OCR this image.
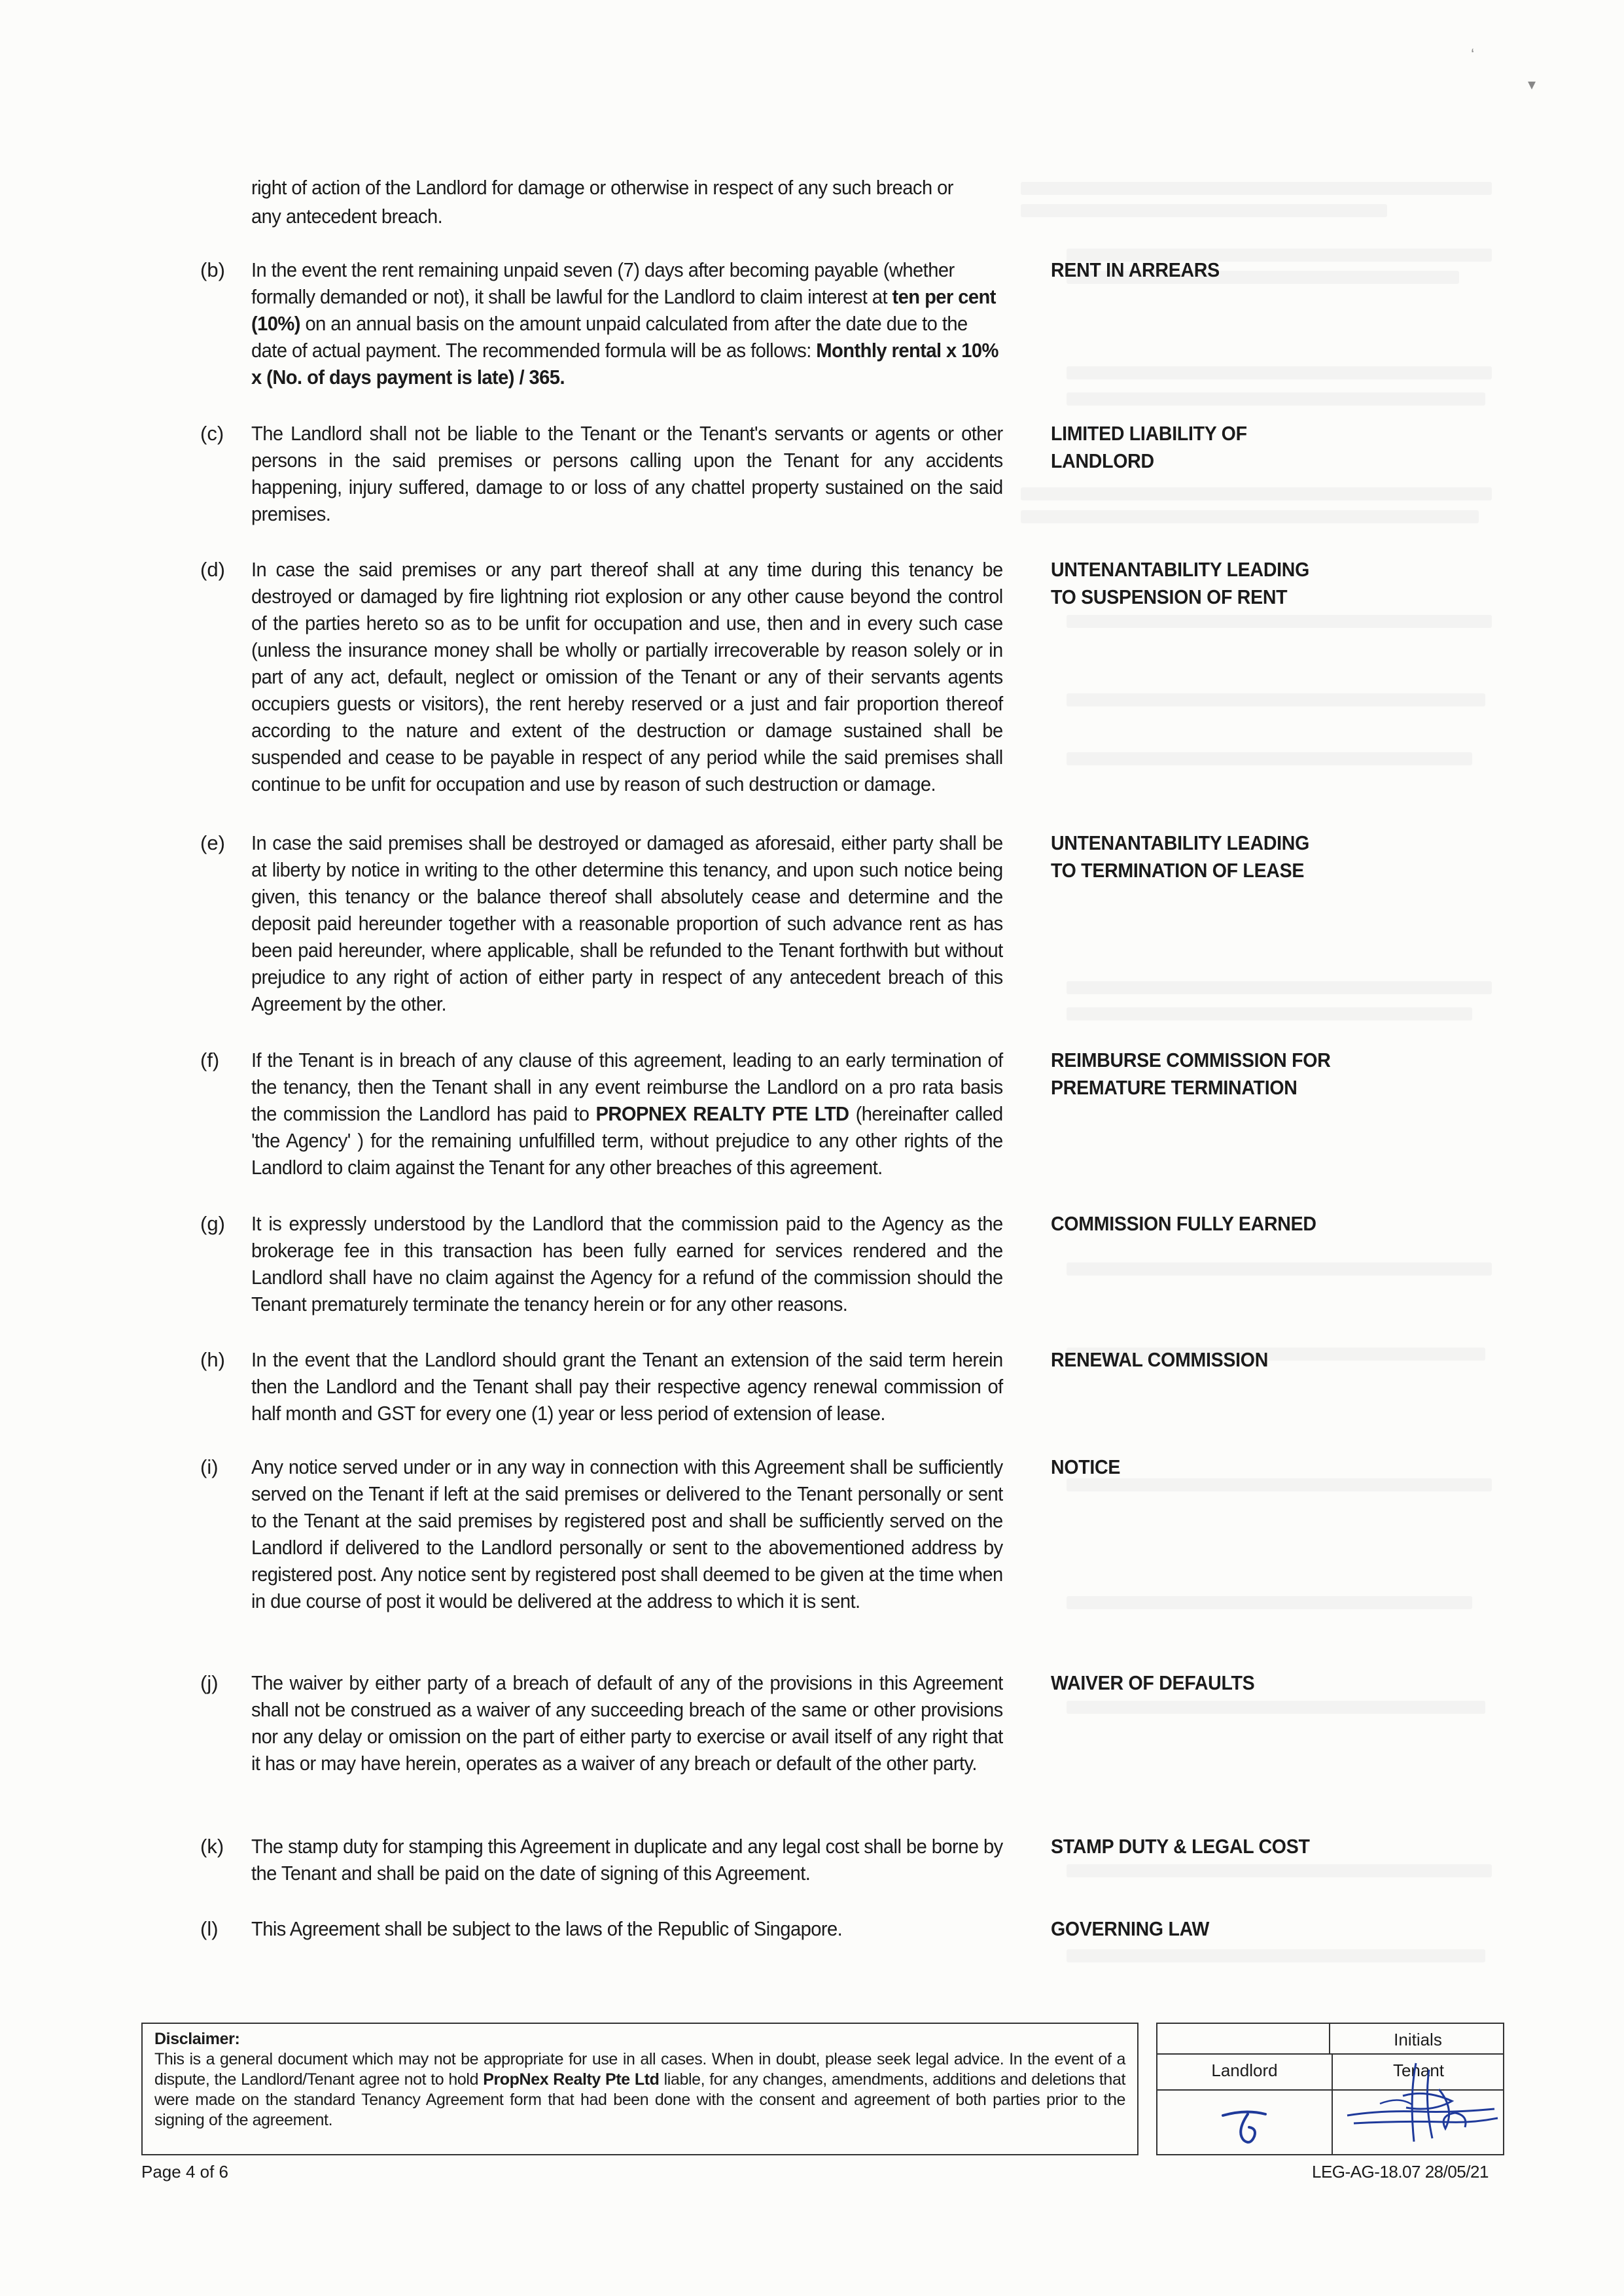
‘
▾
right of action of the Landlord for damage or otherwise in respect of any such breach or
any antecedent breach.
(b) In the event the rent remaining unpaid seven (7) days after becoming payable (whether formally demanded or not), it shall be lawful for the Landlord to claim interest at ten per cent (10%) on an annual basis on the amount unpaid calculated from after the date due to the date of actual payment. The recommended formula will be as follows: Monthly rental x 10% x (No. of days payment is late) / 365.
RENT IN ARREARS
(c) The Landlord shall not be liable to the Tenant or the Tenant's servants or agents or other persons in the said premises or persons calling upon the Tenant for any accidents happening, injury suffered, damage to or loss of any chattel property sustained on the said premises.
LIMITED LIABILITY OF LANDLORD
(d) In case the said premises or any part thereof shall at any time during this tenancy be destroyed or damaged by fire lightning riot explosion or any other cause beyond the control of the parties hereto so as to be unfit for occupation and use, then and in every such case (unless the insurance money shall be wholly or partially irrecoverable by reason solely or in part of any act, default, neglect or omission of the Tenant or any of their servants agents occupiers guests or visitors), the rent hereby reserved or a just and fair proportion thereof according to the nature and extent of the destruction or damage sustained shall be suspended and cease to be payable in respect of any period while the said premises shall continue to be unfit for occupation and use by reason of such destruction or damage.
UNTENANTABILITY LEADING TO SUSPENSION OF RENT
(e) In case the said premises shall be destroyed or damaged as aforesaid, either party shall be at liberty by notice in writing to the other determine this tenancy, and upon such notice being given, this tenancy or the balance thereof shall absolutely cease and determine and the deposit paid hereunder together with a reasonable proportion of such advance rent as has been paid hereunder, where applicable, shall be refunded to the Tenant forthwith but without prejudice to any right of action of either party in respect of any antecedent breach of this Agreement by the other.
UNTENANTABILITY LEADING TO TERMINATION OF LEASE
(f) If the Tenant is in breach of any clause of this agreement, leading to an early termination of the tenancy, then the Tenant shall in any event reimburse the Landlord on a pro rata basis the commission the Landlord has paid to PROPNEX REALTY PTE LTD (hereinafter called 'the Agency' ) for the remaining unfulfilled term, without prejudice to any other rights of the Landlord to claim against the Tenant for any other breaches of this agreement.
REIMBURSE COMMISSION FOR PREMATURE TERMINATION
(g) It is expressly understood by the Landlord that the commission paid to the Agency as the brokerage fee in this transaction has been fully earned for services rendered and the Landlord shall have no claim against the Agency for a refund of the commission should the Tenant prematurely terminate the tenancy herein or for any other reasons.
COMMISSION FULLY EARNED
(h) In the event that the Landlord should grant the Tenant an extension of the said term herein then the Landlord and the Tenant shall pay their respective agency renewal commission of half month and GST for every one (1) year or less period of extension of lease.
RENEWAL COMMISSION
(i) Any notice served under or in any way in connection with this Agreement shall be sufficiently served on the Tenant if left at the said premises or delivered to the Tenant personally or sent to the Tenant at the said premises by registered post and shall be sufficiently served on the Landlord if delivered to the Landlord personally or sent to the abovementioned address by registered post. Any notice sent by registered post shall deemed to be given at the time when in due course of post it would be delivered at the address to which it is sent.
NOTICE
(j) The waiver by either party of a breach of default of any of the provisions in this Agreement shall not be construed as a waiver of any succeeding breach of the same or other provisions nor any delay or omission on the part of either party to exercise or avail itself of any right that it has or may have herein, operates as a waiver of any breach or default of the other party.
WAIVER OF DEFAULTS
(k) The stamp duty for stamping this Agreement in duplicate and any legal cost shall be borne by the Tenant and shall be paid on the date of signing of this Agreement.
STAMP DUTY & LEGAL COST
(l) This Agreement shall be subject to the laws of the Republic of Singapore.	GOVERNING LAW
Disclaimer:
This is a general document which may not be appropriate for use in all cases. When in doubt, please seek legal advice. In the event of a dispute, the Landlord/Tenant agree not to hold PropNex Realty Pte Ltd liable, for any changes, amendments, additions and deletions that were made on the standard Tenancy Agreement form that had been done with the consent and agreement of both parties prior to the signing of the agreement.
Initials
Landlord	Tenant
Page 4 of 6	LEG-AG-18.07 28/05/21
